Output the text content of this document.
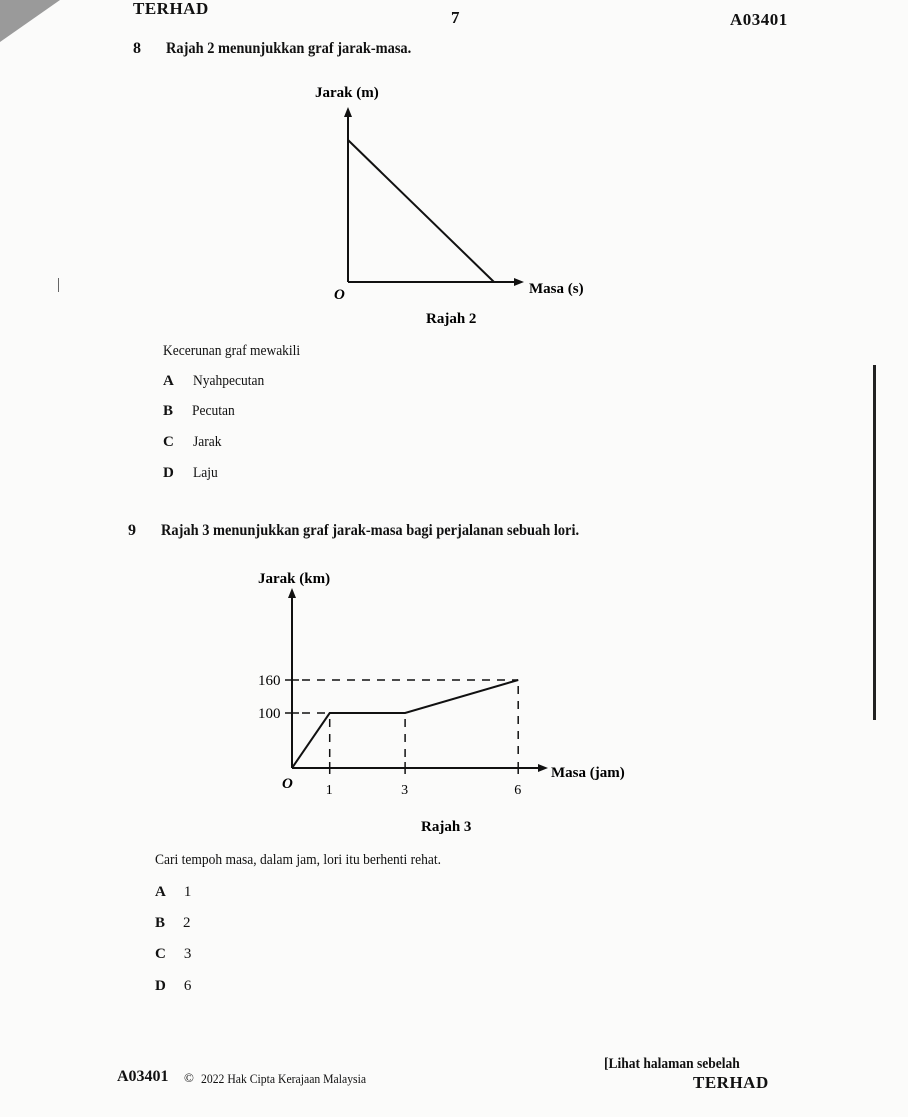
TERHAD	7	A03401
8 Rajah 2 menunjukkan graf jarak-masa.
Jarak (m)
O	Masa (s)
Rajah 2
Kecerunan graf mewakili
A Nyahpecutan
B Pecutan
C Jarak
D Laju
9 Rajah 3 menunjukkan graf jarak-masa bagi perjalanan sebuah lori.
100
160
1	3	6
O
Jarak (km)
Masa (jam)
Rajah 3
Cari tempoh masa, dalam jam, lori itu berhenti rehat.
A 1
B 2
C 3
D 6
A03401 © 2022 Hak Cipta Kerajaan Malaysia
[Lihat halaman sebelah
TERHAD
